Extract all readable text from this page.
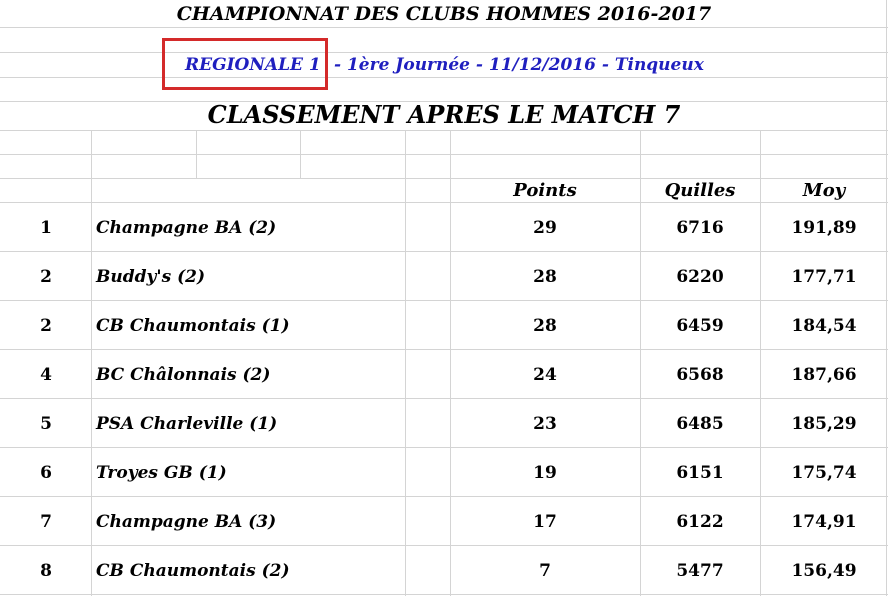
CHAMPIONNAT DES CLUBS HOMMES 2016-2017
REGIONALE 1 - 1ère Journée - 11/12/2016 - Tinqueux
CLASSEMENT APRES LE MATCH 7
Points	Quilles	Moy
1	Champagne BA (2)	29	6716	191,89
2	Buddy's (2)	28	6220	177,71
2	CB Chaumontais (1)	28	6459	184,54
4	BC Châlonnais (2)	24	6568	187,66
5	PSA Charleville (1)	23	6485	185,29
6	Troyes GB (1)	19	6151	175,74
7	Champagne BA (3)	17	6122	174,91
8	CB Chaumontais (2)	7	5477	156,49
